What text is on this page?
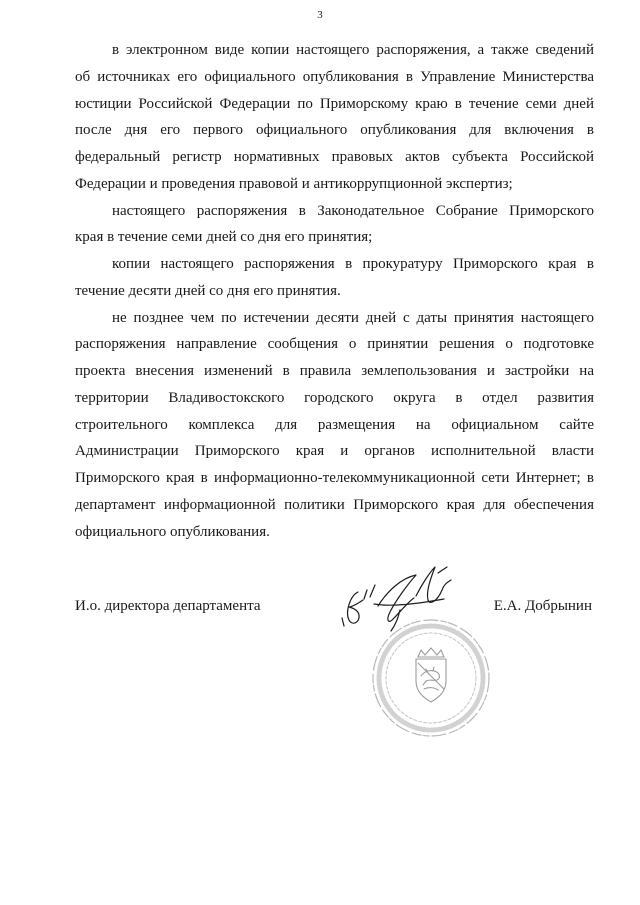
3
в электронном виде копии настоящего распоряжения, а также сведений
об источниках его официального опубликования в Управление Министерства
юстиции Российской Федерации по Приморскому краю в течение семи дней
после дня его первого официального опубликования для включения в
федеральный регистр нормативных правовых актов субъекта Российской
Федерации и проведения правовой и антикоррупционной экспертиз;
настоящего распоряжения в Законодательное Собрание Приморского
края в течение семи дней со дня его принятия;
копии настоящего распоряжения в прокуратуру Приморского края в
течение десяти дней со дня его принятия.
не позднее чем по истечении десяти дней с даты принятия настоящего
распоряжения направление сообщения о принятии решения о подготовке
проекта внесения изменений в правила землепользования и застройки на
территории Владивостокского городского округа в отдел развития
строительного комплекса для размещения на официальном сайте
Администрации Приморского края и органов исполнительной власти
Приморского края в информационно-телекоммуникационной сети Интернет; в
департамент информационной политики Приморского края для обеспечения
официального опубликования.
И.о. директора департамента	Е.А. Добрынин
